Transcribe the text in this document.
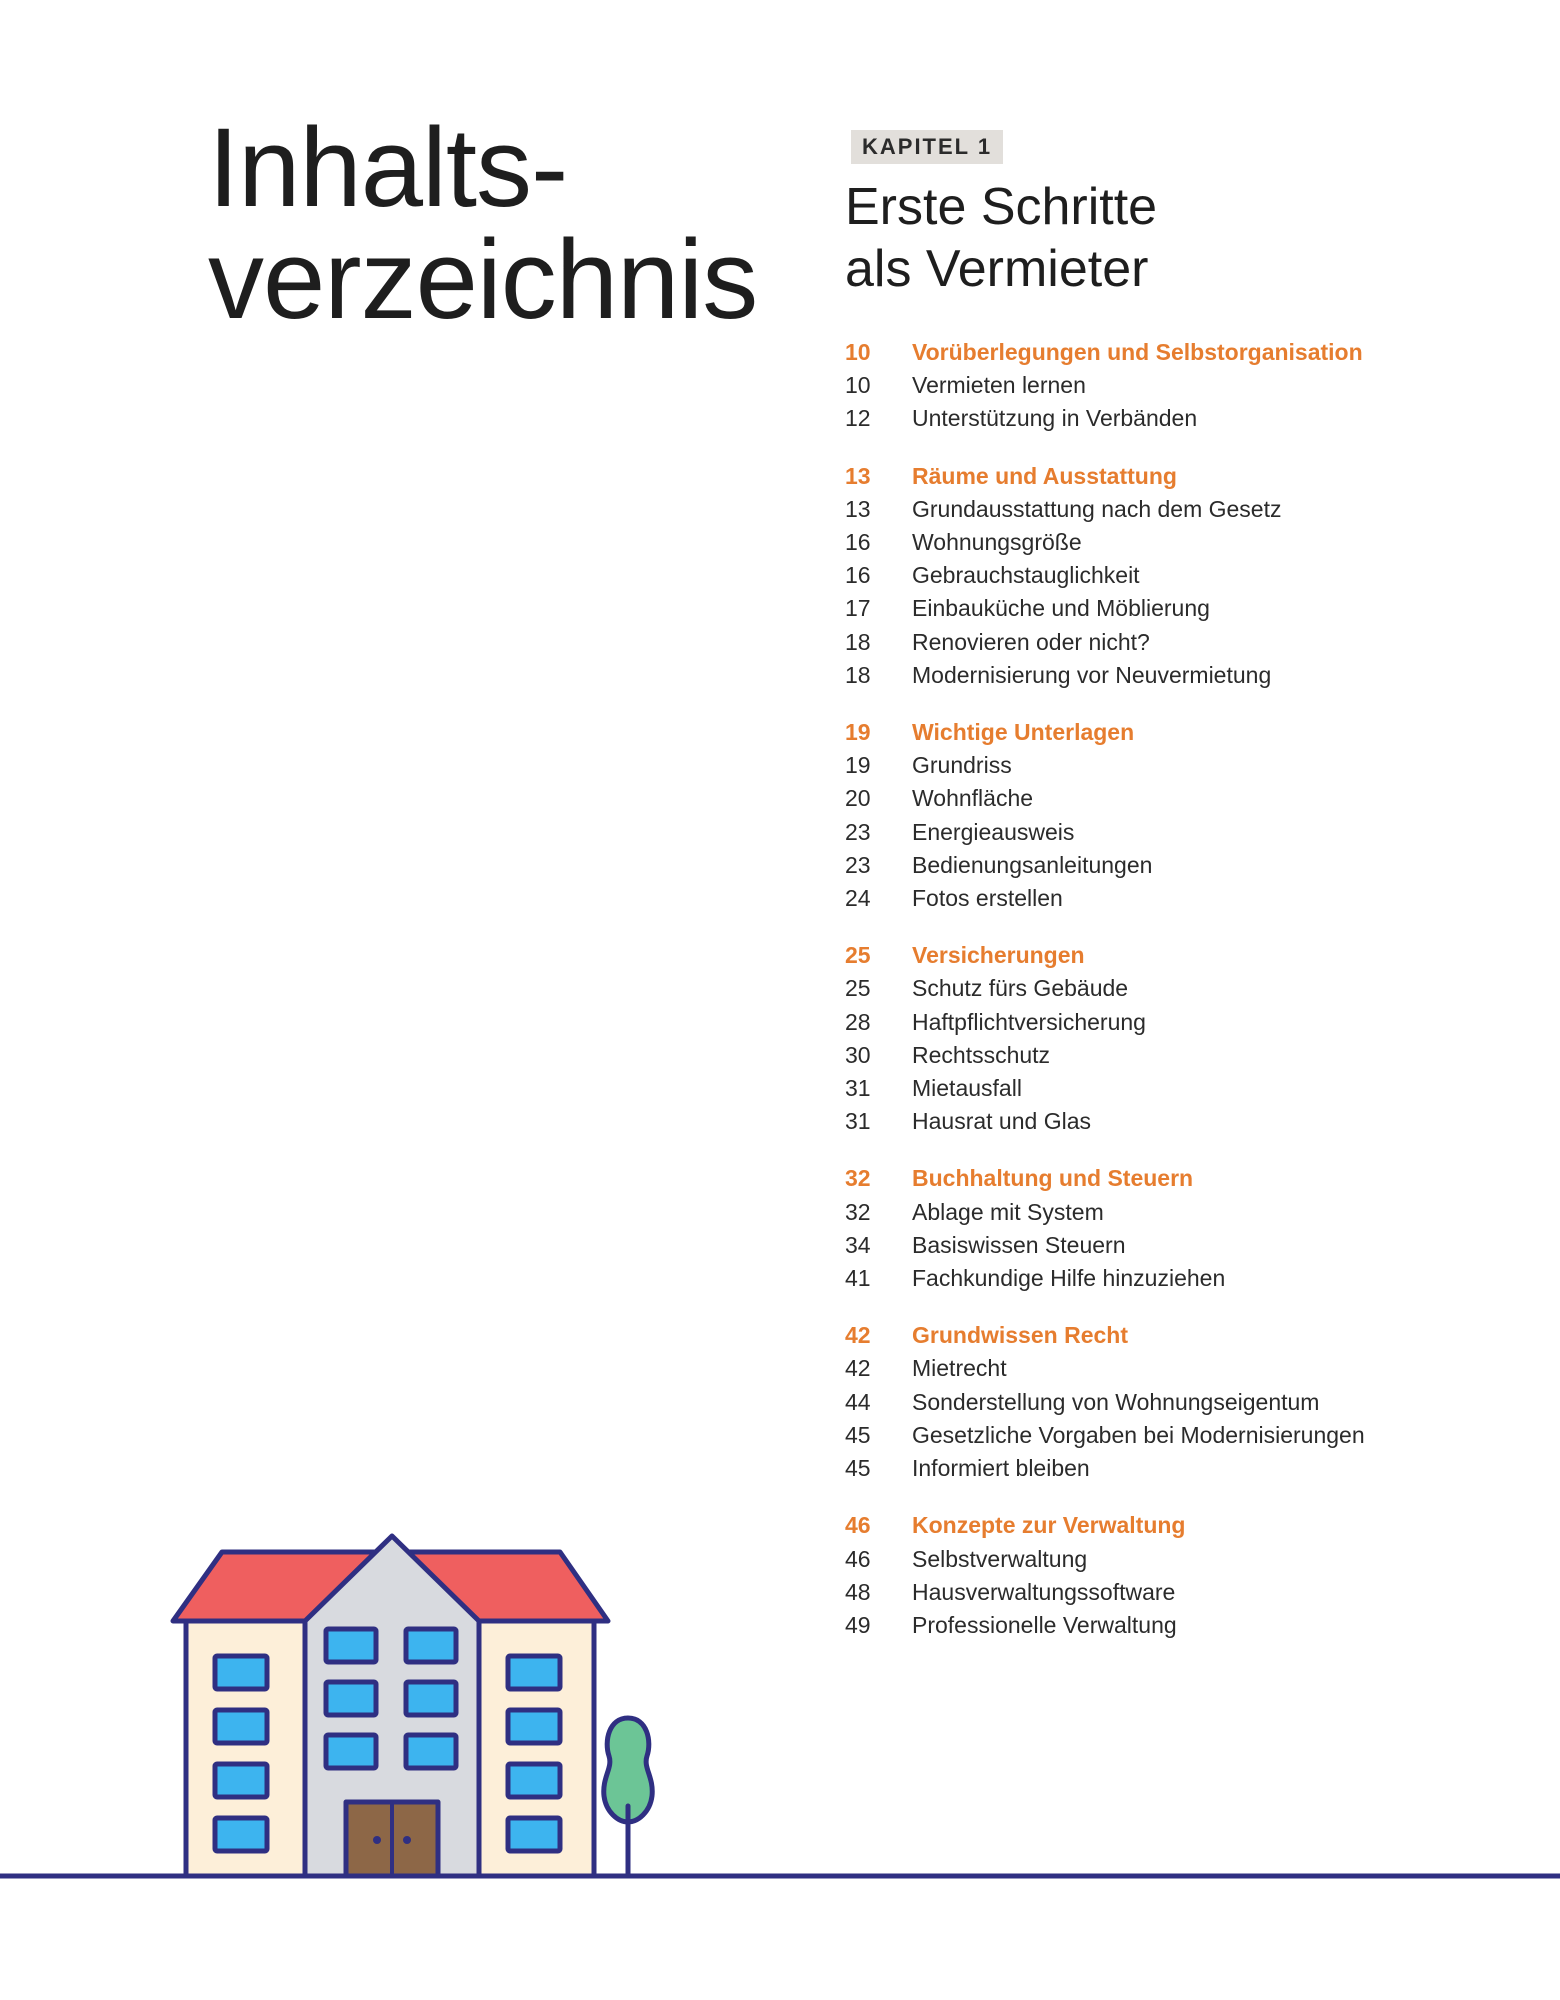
Inhalts-
verzeichnis
KAPITEL 1
Erste Schritte
als Vermieter
10	Vorüberlegungen und Selbstorganisation
10	Vermieten lernen
12	Unterstützung in Verbänden
13	Räume und Ausstattung
13	Grundausstattung nach dem Gesetz
16	Wohnungsgröße
16	Gebrauchstauglichkeit
17	Einbauküche und Möblierung
18	Renovieren oder nicht?
18	Modernisierung vor Neuvermietung
19	Wichtige Unterlagen
19	Grundriss
20	Wohnfläche
23	Energieausweis
23	Bedienungsanleitungen
24	Fotos erstellen
25	Versicherungen
25	Schutz fürs Gebäude
28	Haftpflichtversicherung
30	Rechtsschutz
31	Mietausfall
31	Hausrat und Glas
32	Buchhaltung und Steuern
32	Ablage mit System
34	Basiswissen Steuern
41	Fachkundige Hilfe hinzuziehen
42	Grundwissen Recht
42	Mietrecht
44	Sonderstellung von Wohnungseigentum
45	Gesetzliche Vorgaben bei Modernisierungen
45	Informiert bleiben
46	Konzepte zur Verwaltung
46	Selbstverwaltung
48	Hausverwaltungssoftware
49	Professionelle Verwaltung
